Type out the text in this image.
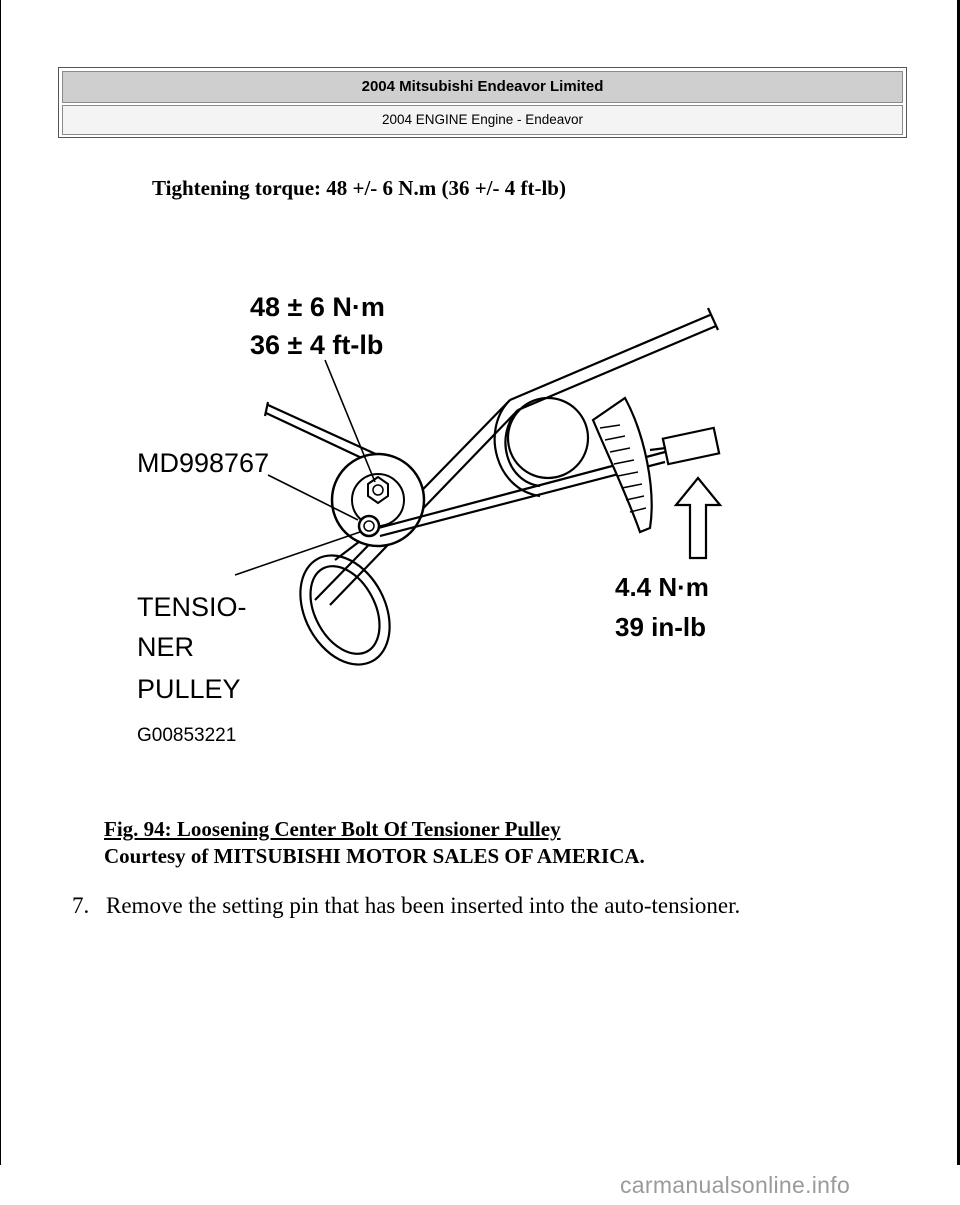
2004 Mitsubishi Endeavor Limited
2004 ENGINE Engine - Endeavor
Tightening torque: 48 +/- 6 N.m (36 +/- 4 ft-lb)
48 ± 6 N·m
36 ± 4 ft-lb
MD998767
TENSIO-
NER
PULLEY
4.4 N·m
39 in-lb
G00853221
Fig. 94: Loosening Center Bolt Of Tensioner Pulley
Courtesy of MITSUBISHI MOTOR SALES OF AMERICA.
7. Remove the setting pin that has been inserted into the auto-tensioner.
carmanualsonline.info
